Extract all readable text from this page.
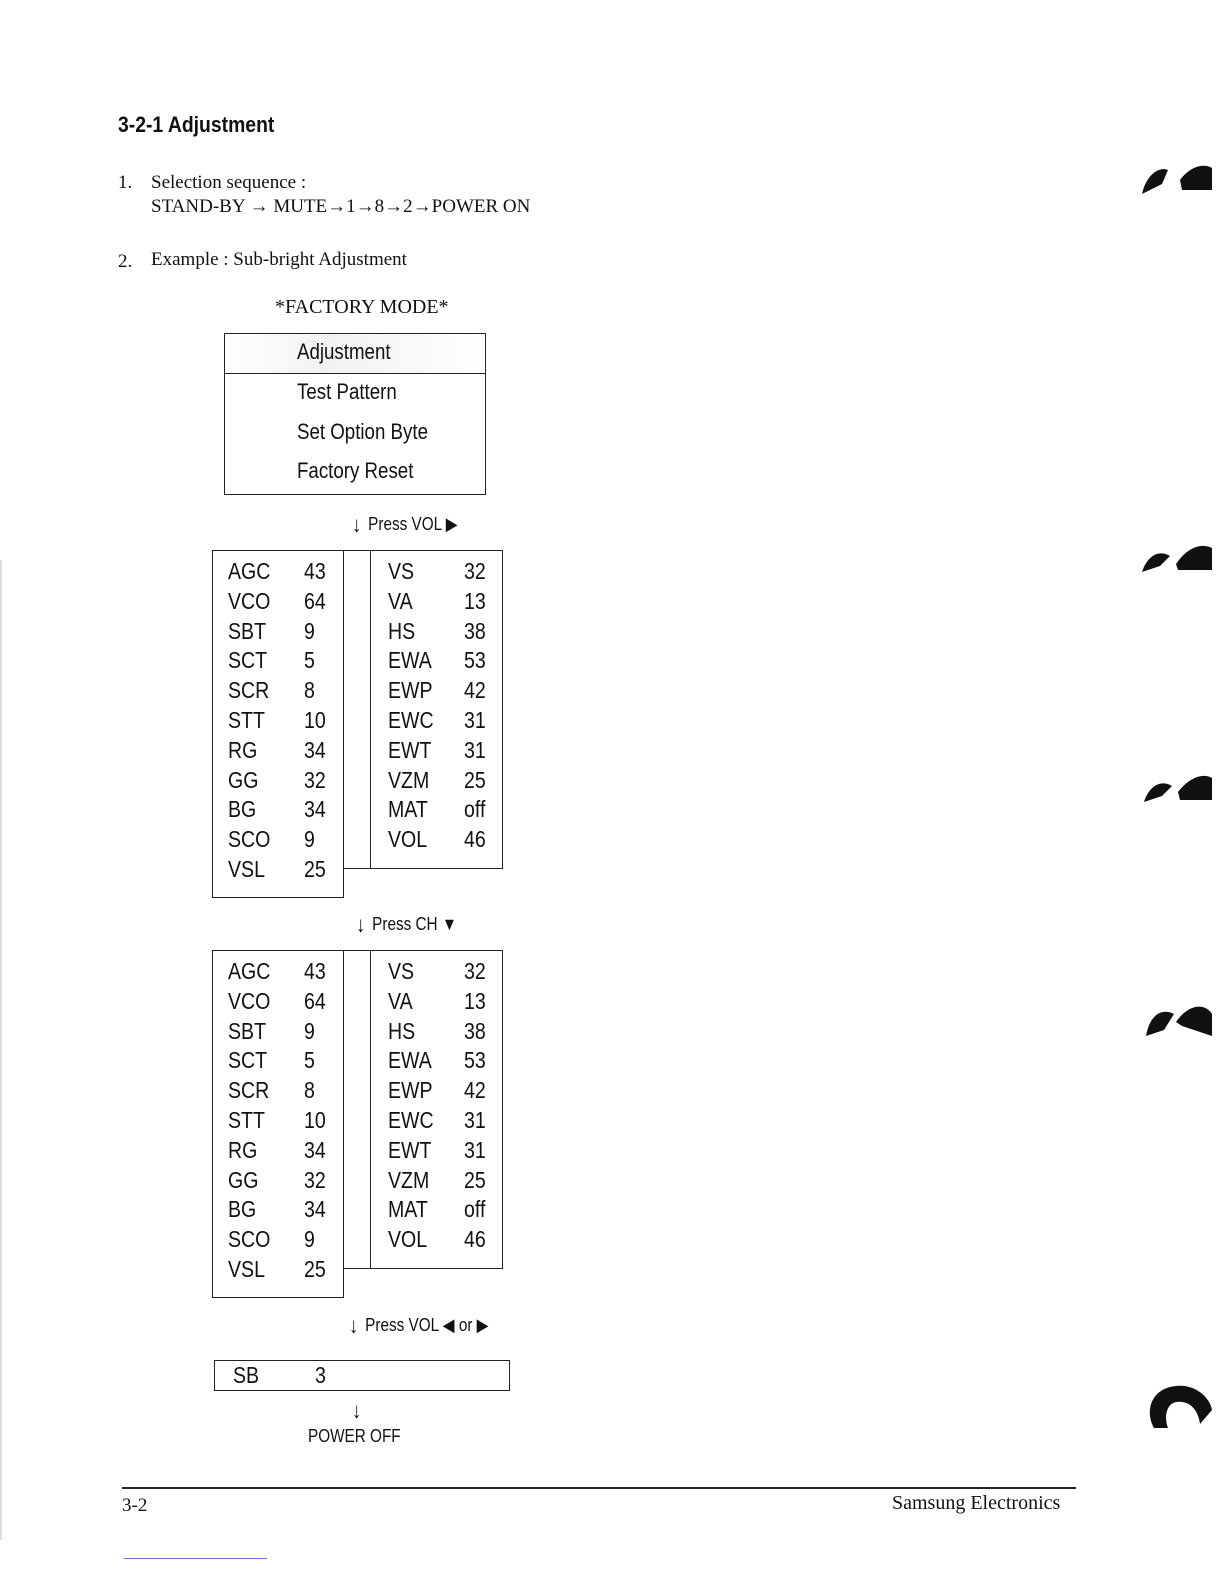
3-2-1 Adjustment
1. Selection sequence :
STAND-BY → MUTE→1→8→2→POWER ON
2. Example : Sub-bright Adjustment
*FACTORY MODE*
Adjustment
Test Pattern
Set Option Byte
Factory Reset
↓ Press VOL ▶
AGC 43
VCO 64
SBT 9
SCT 5
SCR 8
STT 10
RG 34
GG 32
BG 34
SCO 9
VSL 25
VS 32
VA 13
HS 38
EWA 53
EWP 42
EWC 31
EWT 31
VZM 25
MAT off
VOL 46
↓ Press CH ▼
AGC 43
VCO 64
SBT 9
SCT 5
SCR 8
STT 10
RG 34
GG 32
BG 34
SCO 9
VSL 25
VS 32
VA 13
HS 38
EWA 53
EWP 42
EWC 31
EWT 31
VZM 25
MAT off
VOL 46
↓ Press VOL ◀ or ▶
SB 3
↓
POWER OFF
3-2	Samsung Electronics
